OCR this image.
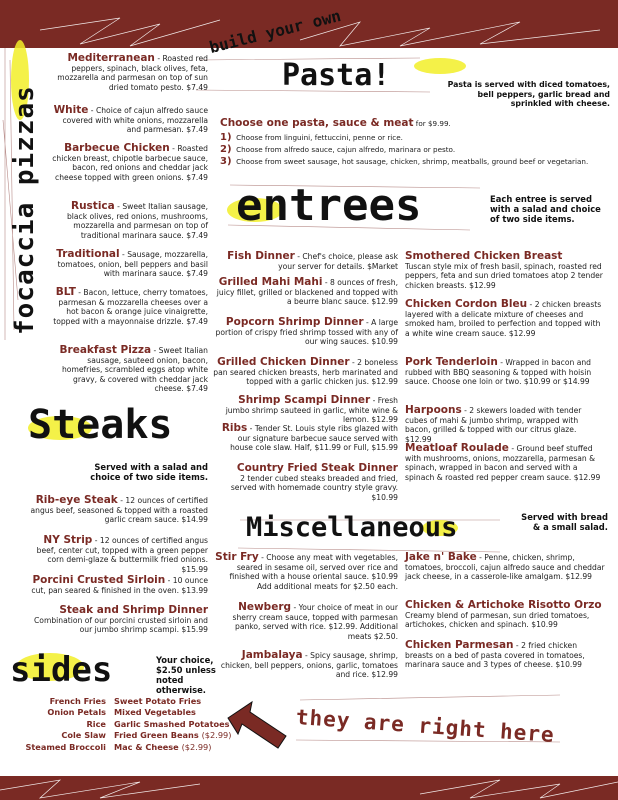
focaccia pizzas
Mediterranean - Roasted red peppers, spinach, black olives, feta, mozzarella and parmesan on top of sun dried tomato pesto. $7.49
White - Choice of cajun alfredo sauce covered with white onions, mozzarella and parmesan. $7.49
Barbecue Chicken - Roasted chicken breast, chipotle barbecue sauce, bacon, red onions and cheddar jack cheese topped with green onions. $7.49
Rustica - Sweet Italian sausage, black olives, red onions, mushrooms, mozzarella and parmesan on top of traditional marinara sauce. $7.49
Traditional - Sausage, mozzarella, tomatoes, onion, bell peppers and basil with marinara sauce. $7.49
BLT - Bacon, lettuce, cherry tomatoes, parmesan & mozzarella cheeses over a hot bacon & orange juice vinaigrette, topped with a mayonnaise drizzle. $7.49
Breakfast Pizza - Sweet Italian sausage, sauteed onion, bacon, homefries, scrambled eggs atop white gravy, & covered with cheddar jack cheese. $7.49
build your own
Pasta!	Pasta is served with diced tomatoes, bell peppers, garlic bread and sprinkled with cheese.
Choose one pasta, sauce & meat for $9.99.
1) Choose from linguini, fettuccini, penne or rice.
2) Choose from alfredo sauce, cajun alfredo, marinara or pesto.
3) Choose from sweet sausage, hot sausage, chicken, shrimp, meatballs, ground beef or vegetarian.
entrees	Each entree is served with a salad and choice of two side items.
Fish Dinner - Chef's choice, please ask your server for details. $Market
Grilled Mahi Mahi - 8 ounces of fresh, juicy fillet, grilled or blackened and topped with a beurre blanc sauce. $12.99
Popcorn Shrimp Dinner - A large portion of crispy fried shrimp tossed with any of our wing sauces. $10.99
Grilled Chicken Dinner - 2 boneless pan seared chicken breasts, herb marinated and topped with a garlic chicken jus. $12.99
Shrimp Scampi Dinner - Fresh jumbo shrimp sauteed in garlic, white wine & lemon. $12.99
Ribs - Tender St. Louis style ribs glazed with our signature barbecue sauce served with house cole slaw. Half, $11.99 or Full, $15.99
Country Fried Steak Dinner
2 tender cubed steaks breaded and fried, served with homemade country style gravy. $10.99
Smothered Chicken Breast
Tuscan style mix of fresh basil, spinach, roasted red peppers, feta and sun dried tomatoes atop 2 tender chicken breasts. $12.99
Chicken Cordon Bleu - 2 chicken breasts layered with a delicate mixture of cheeses and smoked ham, broiled to perfection and topped with a white wine cream sauce. $12.99
Pork Tenderloin - Wrapped in bacon and rubbed with BBQ seasoning & topped with hoisin sauce. Choose one loin or two. $10.99 or $14.99
Harpoons - 2 skewers loaded with tender cubes of mahi & jumbo shrimp, wrapped with bacon, grilled & topped with our citrus glaze. $12.99
Meatloaf Roulade - Ground beef stuffed with mushrooms, onions, mozzarella, parmesan & spinach, wrapped in bacon and served with a spinach & roasted red pepper cream sauce. $12.99
Steaks
Served with a salad and choice of two side items.
Rib-eye Steak - 12 ounces of certified angus beef, seasoned & topped with a roasted garlic cream sauce. $14.99
NY Strip - 12 ounces of certified angus beef, center cut, topped with a green pepper corn demi-glaze & buttermilk fried onions. $15.99
Porcini Crusted Sirloin - 10 ounce cut, pan seared & finished in the oven. $13.99
Steak and Shrimp Dinner
Combination of our porcini crusted sirloin and our jumbo shrimp scampi. $15.99
Miscellaneous	Served with bread & a small salad.
Stir Fry - Choose any meat with vegetables, seared in sesame oil, served over rice and finished with a house oriental sauce. $10.99 Add additional meats for $2.50 each.
Newberg - Your choice of meat in our sherry cream sauce, topped with parmesan panko, served with rice. $12.99. Additional meats $2.50.
Jambalaya - Spicy sausage, shrimp, chicken, bell peppers, onions, garlic, tomatoes and rice. $12.99
Jake n' Bake - Penne, chicken, shrimp, tomatoes, broccoli, cajun alfredo sauce and cheddar jack cheese, in a casserole-like amalgam. $12.99
Chicken & Artichoke Risotto Orzo
Creamy blend of parmesan, sun dried tomatoes, artichokes, chicken and spinach. $10.99
Chicken Parmesan - 2 fried chicken breasts on a bed of pasta covered in tomatoes, marinara sauce and 3 types of cheese. $10.99
sides	Your choice, $2.50 unless noted otherwise.
French Fries
Onion Petals
Rice
Cole Slaw
Steamed Broccoli
Sweet Potato Fries
Mixed Vegetables
Garlic Smashed Potatoes
Fried Green Beans ($2.99)
Mac & Cheese ($2.99)	they are right here
